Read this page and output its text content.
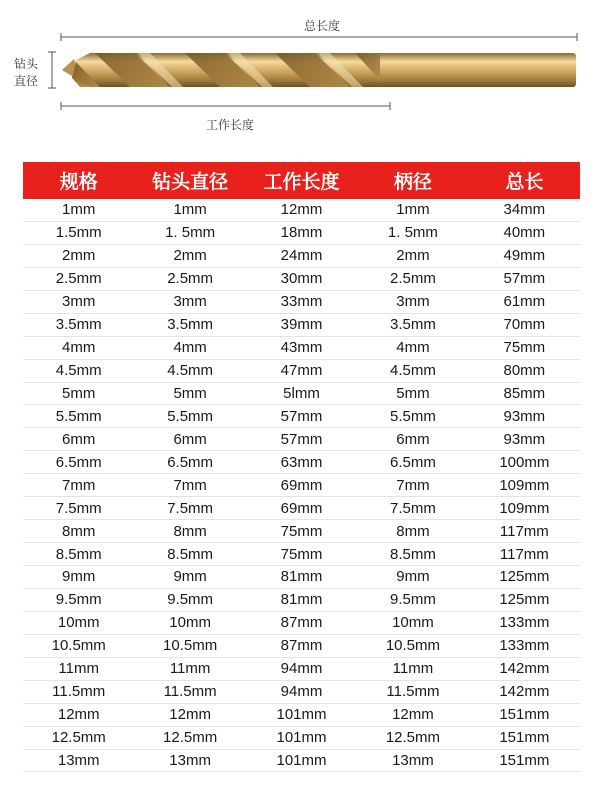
总长度
钻头
直径
工作长度
规格	钻头直径	工作长度	柄径	总长
1mm	1mm	12mm	1mm	34mm
1.5mm	1. 5mm	18mm	1. 5mm	40mm
2mm	2mm	24mm	2mm	49mm
2.5mm	2.5mm	30mm	2.5mm	57mm
3mm	3mm	33mm	3mm	61mm
3.5mm	3.5mm	39mm	3.5mm	70mm
4mm	4mm	43mm	4mm	75mm
4.5mm	4.5mm	47mm	4.5mm	80mm
5mm	5mm	5lmm	5mm	85mm
5.5mm	5.5mm	57mm	5.5mm	93mm
6mm	6mm	57mm	6mm	93mm
6.5mm	6.5mm	63mm	6.5mm	100mm
7mm	7mm	69mm	7mm	109mm
7.5mm	7.5mm	69mm	7.5mm	109mm
8mm	8mm	75mm	8mm	117mm
8.5mm	8.5mm	75mm	8.5mm	117mm
9mm	9mm	81mm	9mm	125mm
9.5mm	9.5mm	81mm	9.5mm	125mm
10mm	10mm	87mm	10mm	133mm
10.5mm	10.5mm	87mm	10.5mm	133mm
11mm	11mm	94mm	11mm	142mm
11.5mm	11.5mm	94mm	11.5mm	142mm
12mm	12mm	101mm	12mm	151mm
12.5mm	12.5mm	101mm	12.5mm	151mm
13mm	13mm	101mm	13mm	151mm
